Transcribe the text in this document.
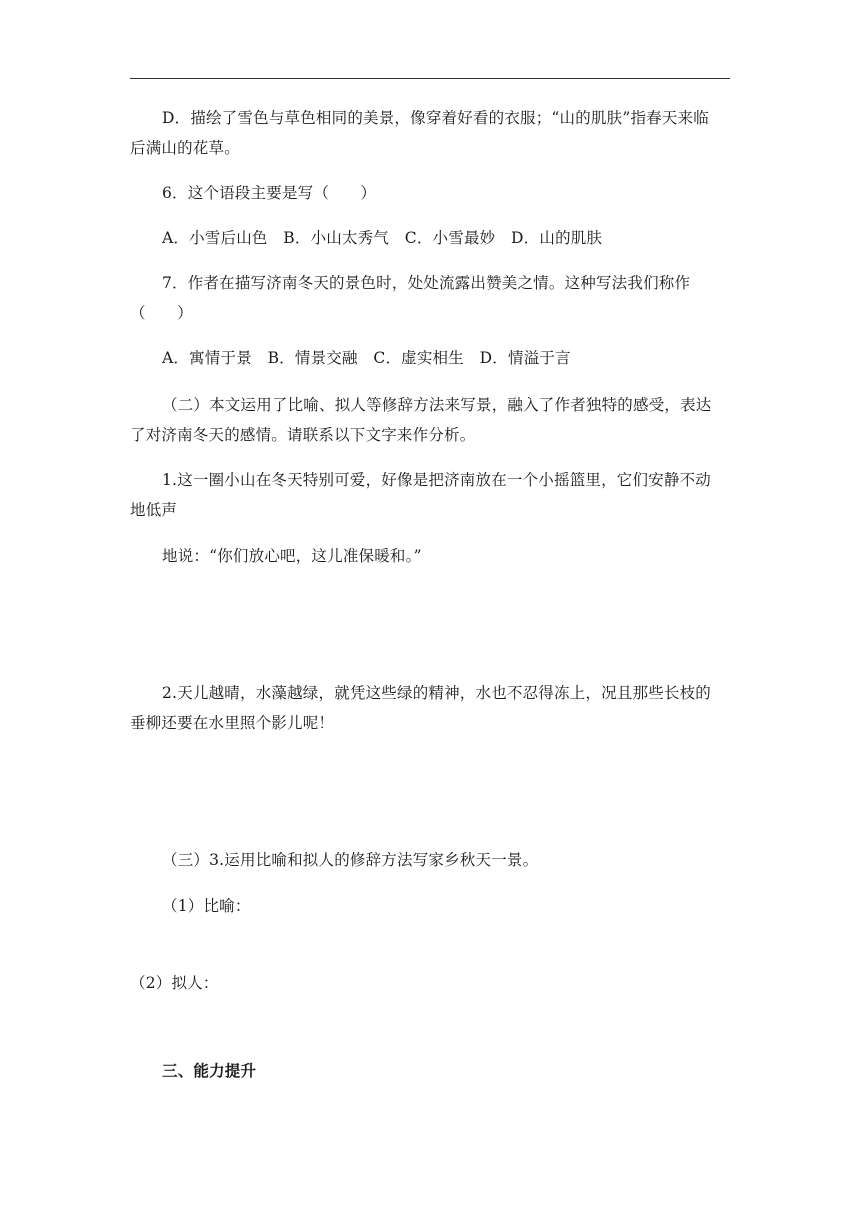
D．描绘了雪色与草色相同的美景，像穿着好看的衣服；“山的肌肤”指春天来临
后满山的花草。
6．这个语段主要是写（　　）
A．小雪后山色　B．小山太秀气　C．小雪最妙　D．山的肌肤
7．作者在描写济南冬天的景色时，处处流露出赞美之情。这种写法我们称作
（　　）
A．寓情于景　B．情景交融　C．虚实相生　D．情溢于言
（二）本文运用了比喻、拟人等修辞方法来写景，融入了作者独特的感受，表达
了对济南冬天的感情。请联系以下文字来作分析。
1.这一圈小山在冬天特别可爱，好像是把济南放在一个小摇篮里，它们安静不动
地低声
地说：“你们放心吧，这儿准保暖和。”
2.天儿越晴，水藻越绿，就凭这些绿的精神，水也不忍得冻上，况且那些长枝的
垂柳还要在水里照个影儿呢！
（三）3.运用比喻和拟人的修辞方法写家乡秋天一景。
（1）比喻：
（2）拟人：
三、能力提升
